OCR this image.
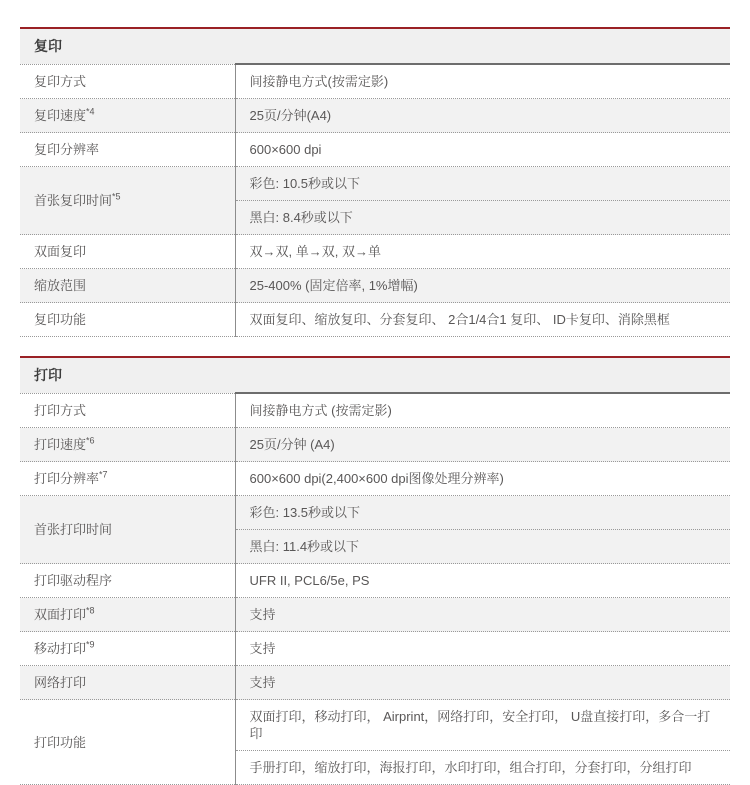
复印	
复印方式	间接静电方式(按需定影)
复印速度$^{*4}$	25页/分钟(A4)
复印分辨率	600×600 dpi
首张复印时间$^{*5}$	彩色: 10.5秒或以下
	黑白: 8.4秒或以下
双面复印	双→双, 单→双, 双→单
缩放范围	25-400% (固定倍率, 1%增幅)
复印功能	双面复印、缩放复印、分套复印、 2合1/4合1 复印、 ID卡复印、消除黑框
打印	
打印方式	间接静电方式 (按需定影)
打印速度$^{*6}$	25页/分钟 (A4)
打印分辨率$^{*7}$	600×600 dpi(2,400×600 dpi图像处理分辨率)
首张打印时间	彩色: 13.5秒或以下
	黑白: 11.4秒或以下
打印驱动程序	UFR II, PCL6/5e, PS
双面打印$^{*8}$	支持
移动打印$^{*9}$	支持
网络打印	支持
打印功能	双面打印，移动打印， Airprint，网络打印，安全打印， U盘直接打印，多合一打印
	手册打印，缩放打印，海报打印，水印打印，组合打印，分套打印，分组打印
